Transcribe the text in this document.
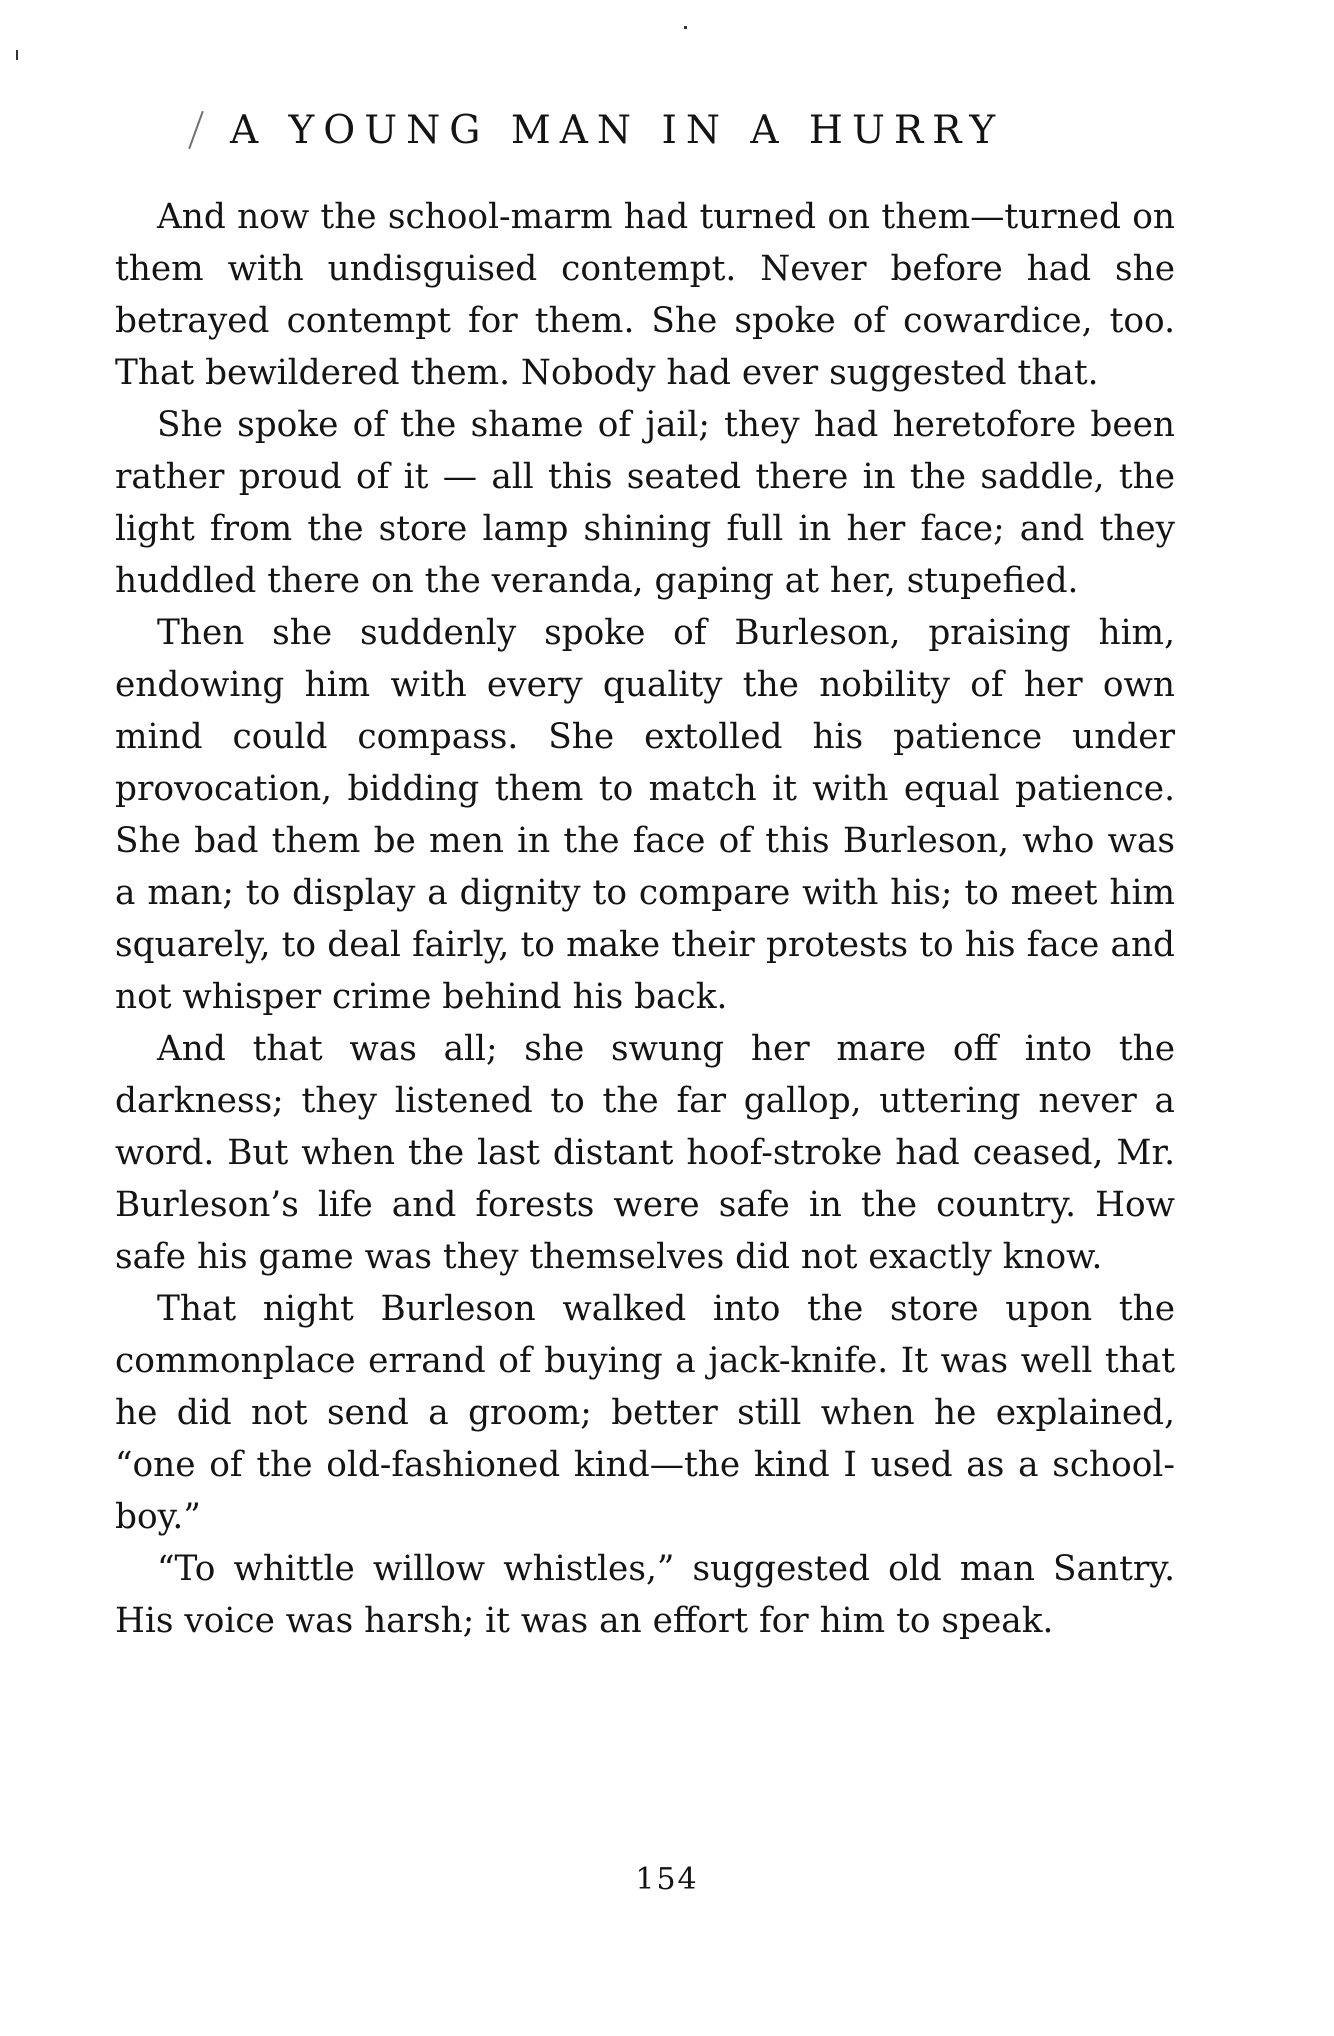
A YOUNG MAN IN A HURRY

And now the school-marm had turned on them—turned on them with undisguised contempt. Never before had she betrayed contempt for them. She spoke of cowardice, too. That bewildered them. Nobody had ever suggested that.

She spoke of the shame of jail; they had heretofore been rather proud of it — all this seated there in the saddle, the light from the store lamp shining full in her face; and they huddled there on the veranda, gaping at her, stupefied.

Then she suddenly spoke of Burleson, praising him, endowing him with every quality the nobility of her own mind could compass. She extolled his patience under provocation, bidding them to match it with equal patience. She bad them be men in the face of this Burleson, who was a man; to display a dignity to compare with his; to meet him squarely, to deal fairly, to make their protests to his face and not whisper crime behind his back.

And that was all; she swung her mare off into the darkness; they listened to the far gallop, uttering never a word. But when the last distant hoof-stroke had ceased, Mr. Burleson’s life and forests were safe in the country. How safe his game was they themselves did not exactly know.

That night Burleson walked into the store upon the commonplace errand of buying a jack-knife. It was well that he did not send a groom; better still when he explained, “one of the old-fashioned kind—the kind I used as a school-boy.”

“To whittle willow whistles,” suggested old man Santry. His voice was harsh; it was an effort for him to speak.

154
